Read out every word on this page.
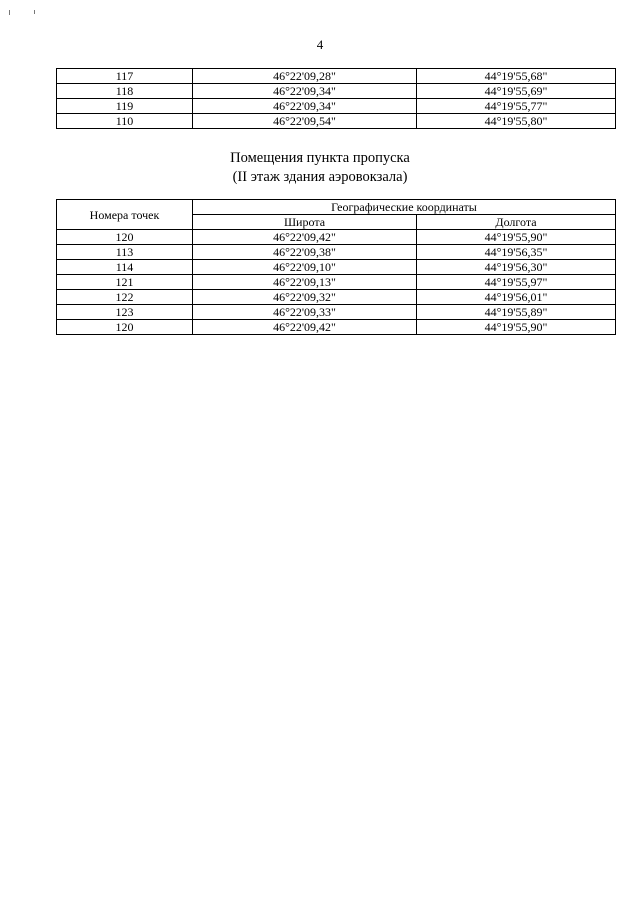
4
117	46°22'09,28"	44°19'55,68"
118	46°22'09,34"	44°19'55,69"
119	46°22'09,34"	44°19'55,77"
110	46°22'09,54"	44°19'55,80"
Помещения пункта пропуска
(II этаж здания аэровокзала)
Номера точек	Географические координаты	
	Широта	Долгота
120	46°22'09,42"	44°19'55,90"
113	46°22'09,38"	44°19'56,35"
114	46°22'09,10"	44°19'56,30"
121	46°22'09,13"	44°19'55,97"
122	46°22'09,32"	44°19'56,01"
123	46°22'09,33"	44°19'55,89"
120	46°22'09,42"	44°19'55,90"
